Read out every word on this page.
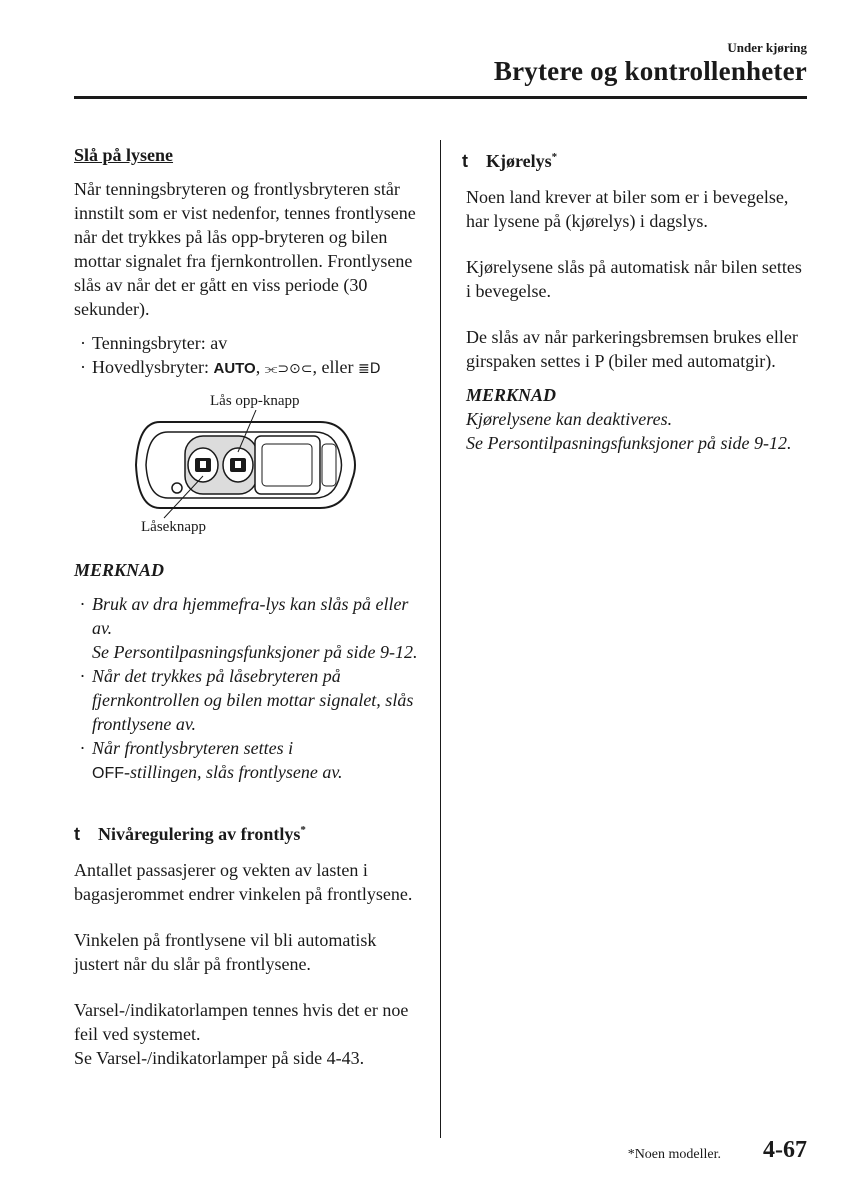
Under kjøring
Brytere og kontrollenheter

Slå på lysene

Når tenningsbryteren og frontlysbryteren står innstilt som er vist nedenfor, tennes frontlysene når det trykkes på lås opp-bryteren og bilen mottar signalet fra fjernkontrollen. Frontlysene slås av når det er gått en viss periode (30 sekunder).

· Tenningsbryter: av
· Hovedlysbryter: AUTO, ⫘⊃⊙⊂, eller ≣D
Lås opp-knapp
Låseknapp

MERKNAD

· Bruk av dra hjemmefra-lys kan slås på eller av.
Se Persontilpasningsfunksjoner på side 9-12.
· Når det trykkes på låsebryteren på fjernkontrollen og bilen mottar signalet, slås frontlysene av.
· Når frontlysbryteren settes i
OFF-stillingen, slås frontlysene av.

t Nivåregulering av frontlys*

Antallet passasjerer og vekten av lasten i bagasjerommet endrer vinkelen på frontlysene.

Vinkelen på frontlysene vil bli automatisk justert når du slår på frontlysene.

Varsel-/indikatorlampen tennes hvis det er noe feil ved systemet.
Se Varsel-/indikatorlamper på side 4-43.

t Kjørelys*

Noen land krever at biler som er i bevegelse, har lysene på (kjørelys) i dagslys.

Kjørelysene slås på automatisk når bilen settes i bevegelse.

De slås av når parkeringsbremsen brukes eller girspaken settes i P (biler med automatgir).

MERKNAD

Kjørelysene kan deaktiveres.

Se Persontilpasningsfunksjoner på side 9-12.

*Noen modeller. 4-67
